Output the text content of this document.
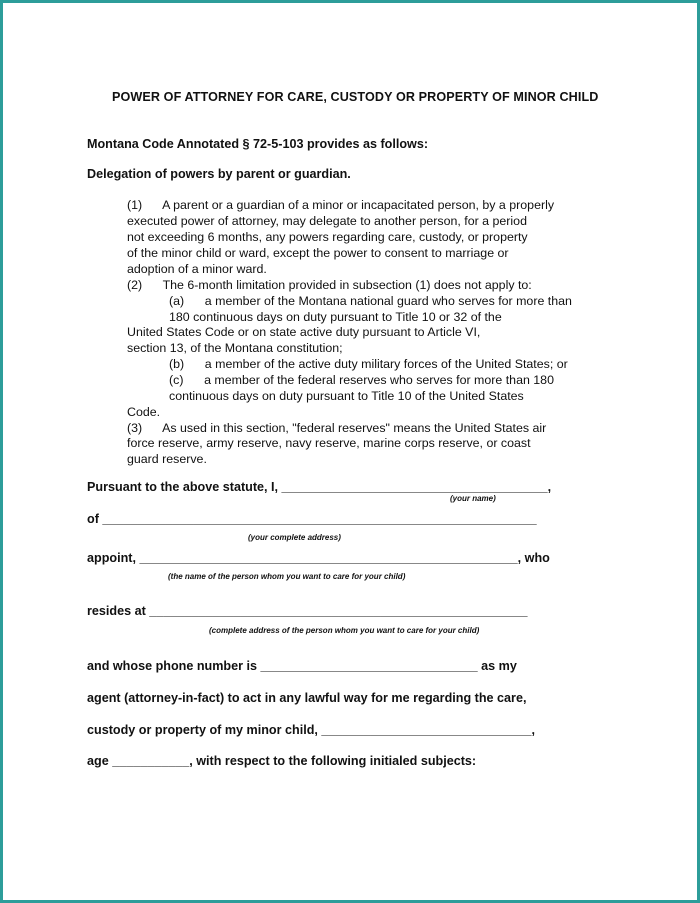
POWER OF ATTORNEY FOR CARE, CUSTODY OR PROPERTY OF MINOR CHILD
Montana Code Annotated § 72-5-103 provides as follows:
Delegation of powers by parent or guardian.
(1)      A parent or a guardian of a minor or incapacitated person, by a properly
executed power of attorney, may delegate to another person, for a period
not exceeding 6 months, any powers regarding care, custody, or property
of the minor child or ward, except the power to consent to marriage or
adoption of a minor ward.
(2)      The 6-month limitation provided in subsection (1) does not apply to:
(a)      a member of the Montana national guard who serves for more than
180 continuous days on duty pursuant to Title 10 or 32 of the
United States Code or on state active duty pursuant to Article VI,
section 13, of the Montana constitution;
(b)      a member of the active duty military forces of the United States; or
(c)      a member of the federal reserves who serves for more than 180
continuous days on duty pursuant to Title 10 of the United States
Code.
(3)      As used in this section, "federal reserves" means the United States air
force reserve, army reserve, navy reserve, marine corps reserve, or coast
guard reserve.
Pursuant to the above statute, I, ______________________________________,
(your name)
of ______________________________________________________________
(your complete address)
appoint, ______________________________________________________, who
(the name of the person whom you want to care for your child)
resides at ______________________________________________________
(complete address of the person whom you want to care for your child)
and whose phone number is _______________________________ as my
agent (attorney-in-fact) to act in any lawful way for me regarding the care,
custody or property of my minor child, ______________________________,
age ___________, with respect to the following initialed subjects:
